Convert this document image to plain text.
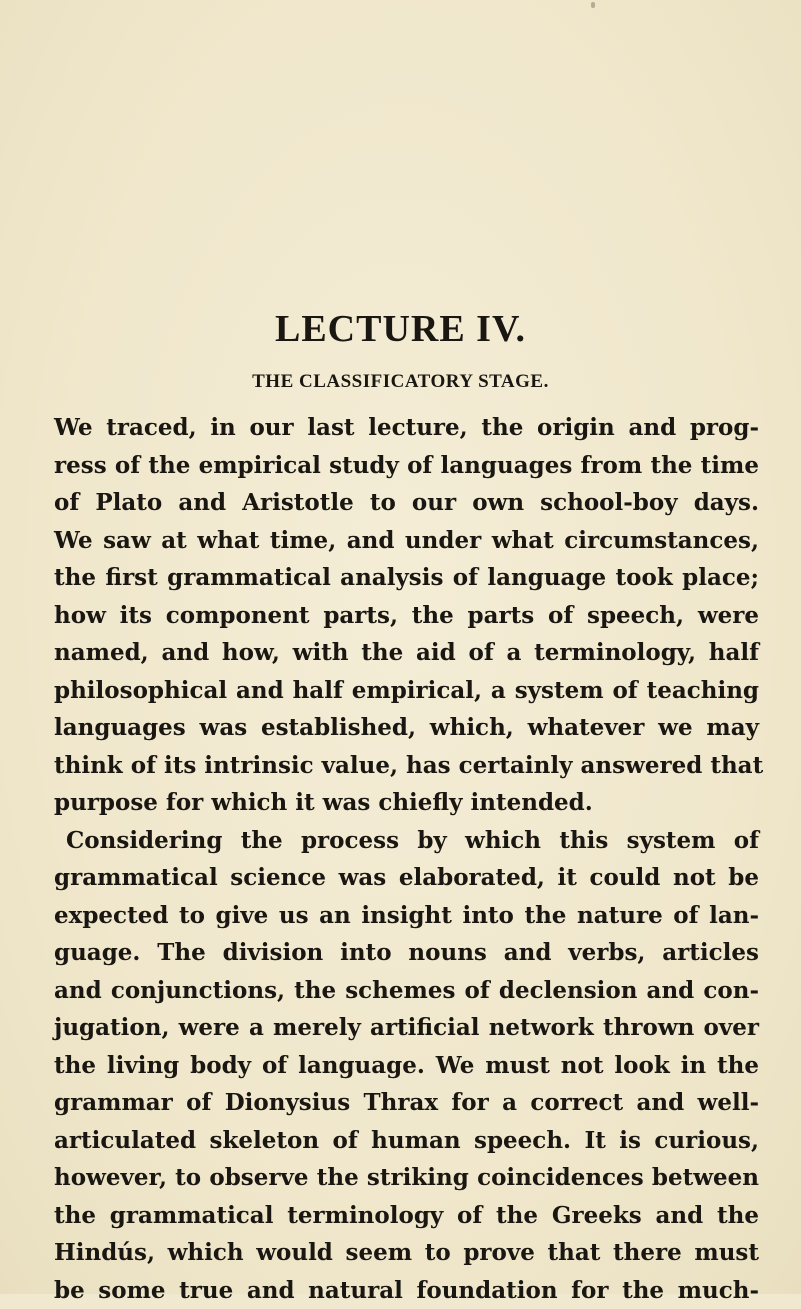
LECTURE IV.
THE CLASSIFICATORY STAGE.
We traced, in our last lecture, the origin and prog-
ress of the empirical study of languages from the time
of Plato and Aristotle to our own school-boy days.
We saw at what time, and under what circumstances,
the first grammatical analysis of language took place;
how its component parts, the parts of speech, were
named, and how, with the aid of a terminology, half
philosophical and half empirical, a system of teaching
languages was established, which, whatever we may
think of its intrinsic value, has certainly answered that
purpose for which it was chiefly intended.
Considering the process by which this system of
grammatical science was elaborated, it could not be
expected to give us an insight into the nature of lan-
guage. The division into nouns and verbs, articles
and conjunctions, the schemes of declension and con-
jugation, were a merely artificial network thrown over
the living body of language. We must not look in the
grammar of Dionysius Thrax for a correct and well-
articulated skeleton of human speech. It is curious,
however, to observe the striking coincidences between
the grammatical terminology of the Greeks and the
Hindús, which would seem to prove that there must
be some true and natural foundation for the much-
